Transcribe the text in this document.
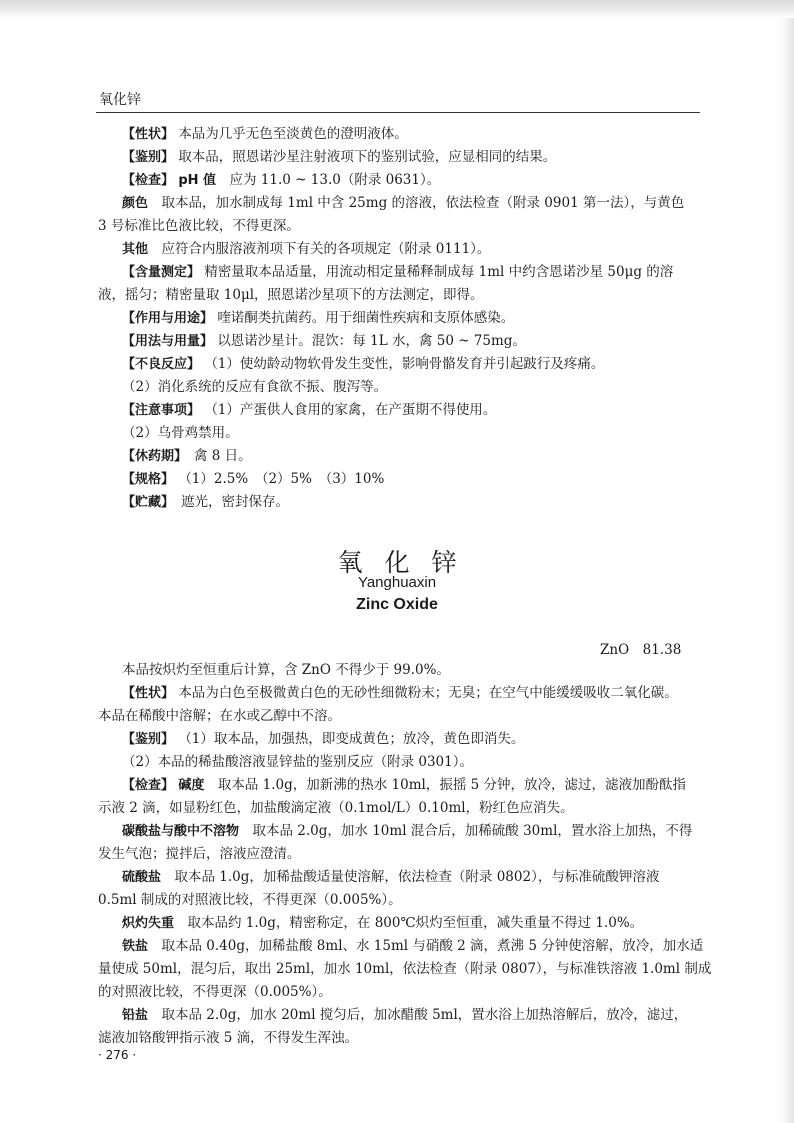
氧化锌
【性状】 本品为几乎无色至淡黄色的澄明液体。
【鉴别】 取本品，照恩诺沙星注射液项下的鉴别试验，应显相同的结果。
【检查】 pH 值　 应为 11.0 ~ 13.0（附录 0631）。
颜色　 取本品，加水制成每 1ml 中含 25mg 的溶液，依法检查（附录 0901 第一法），与黄色
3 号标准比色液比较，不得更深。
其他　 应符合内服溶液剂项下有关的各项规定（附录 0111）。
【含量测定】 精密量取本品适量，用流动相定量稀释制成每 1ml 中约含恩诺沙星 50μg 的溶
液，摇匀；精密量取 10μl，照恩诺沙星项下的方法测定，即得。
【作用与用途】 喹诺酮类抗菌药。用于细菌性疾病和支原体感染。
【用法与用量】 以恩诺沙星计。混饮：每 1L 水，禽 50 ~ 75mg。
【不良反应】 （1）使幼龄动物软骨发生变性，影响骨骼发育并引起跛行及疼痛。
（2）消化系统的反应有食欲不振、腹泻等。
【注意事项】 （1）产蛋供人食用的家禽，在产蛋期不得使用。
（2）乌骨鸡禁用。
【休药期】　 禽 8 日。
【规格】 （1）2.5%　（2）5%　（3）10%
【贮藏】　 遮光，密封保存。
氧化锌
Yanghuaxin
Zinc Oxide
ZnO　81.38
本品按炽灼至恒重后计算，含 ZnO 不得少于 99.0%。
【性状】 本品为白色至极微黄白色的无砂性细微粉末；无臭；在空气中能缓缓吸收二氧化碳。
本品在稀酸中溶解；在水或乙醇中不溶。
【鉴别】 （1）取本品，加强热，即变成黄色；放冷，黄色即消失。
（2）本品的稀盐酸溶液显锌盐的鉴别反应（附录 0301）。
【检查】 碱度　 取本品 1.0g，加新沸的热水 10ml，振摇 5 分钟，放冷，滤过，滤液加酚酞指
示液 2 滴，如显粉红色，加盐酸滴定液（0.1mol/L）0.10ml，粉红色应消失。
碳酸盐与酸中不溶物　 取本品 2.0g，加水 10ml 混合后，加稀硫酸 30ml，置水浴上加热，不得
发生气泡；搅拌后，溶液应澄清。
硫酸盐　 取本品 1.0g，加稀盐酸适量使溶解，依法检查（附录 0802），与标准硫酸钾溶液
0.5ml 制成的对照液比较，不得更深（0.005%）。
炽灼失重　 取本品约 1.0g，精密称定，在 800℃炽灼至恒重，减失重量不得过 1.0%。
铁盐　 取本品 0.40g，加稀盐酸 8ml、水 15ml 与硝酸 2 滴，煮沸 5 分钟使溶解，放冷，加水适
量使成 50ml，混匀后，取出 25ml，加水 10ml，依法检查（附录 0807），与标准铁溶液 1.0ml 制成
的对照液比较，不得更深（0.005%）。
铅盐　 取本品 2.0g，加水 20ml 搅匀后，加冰醋酸 5ml，置水浴上加热溶解后，放冷，滤过，
滤液加铬酸钾指示液 5 滴，不得发生浑浊。
· 276 ·
